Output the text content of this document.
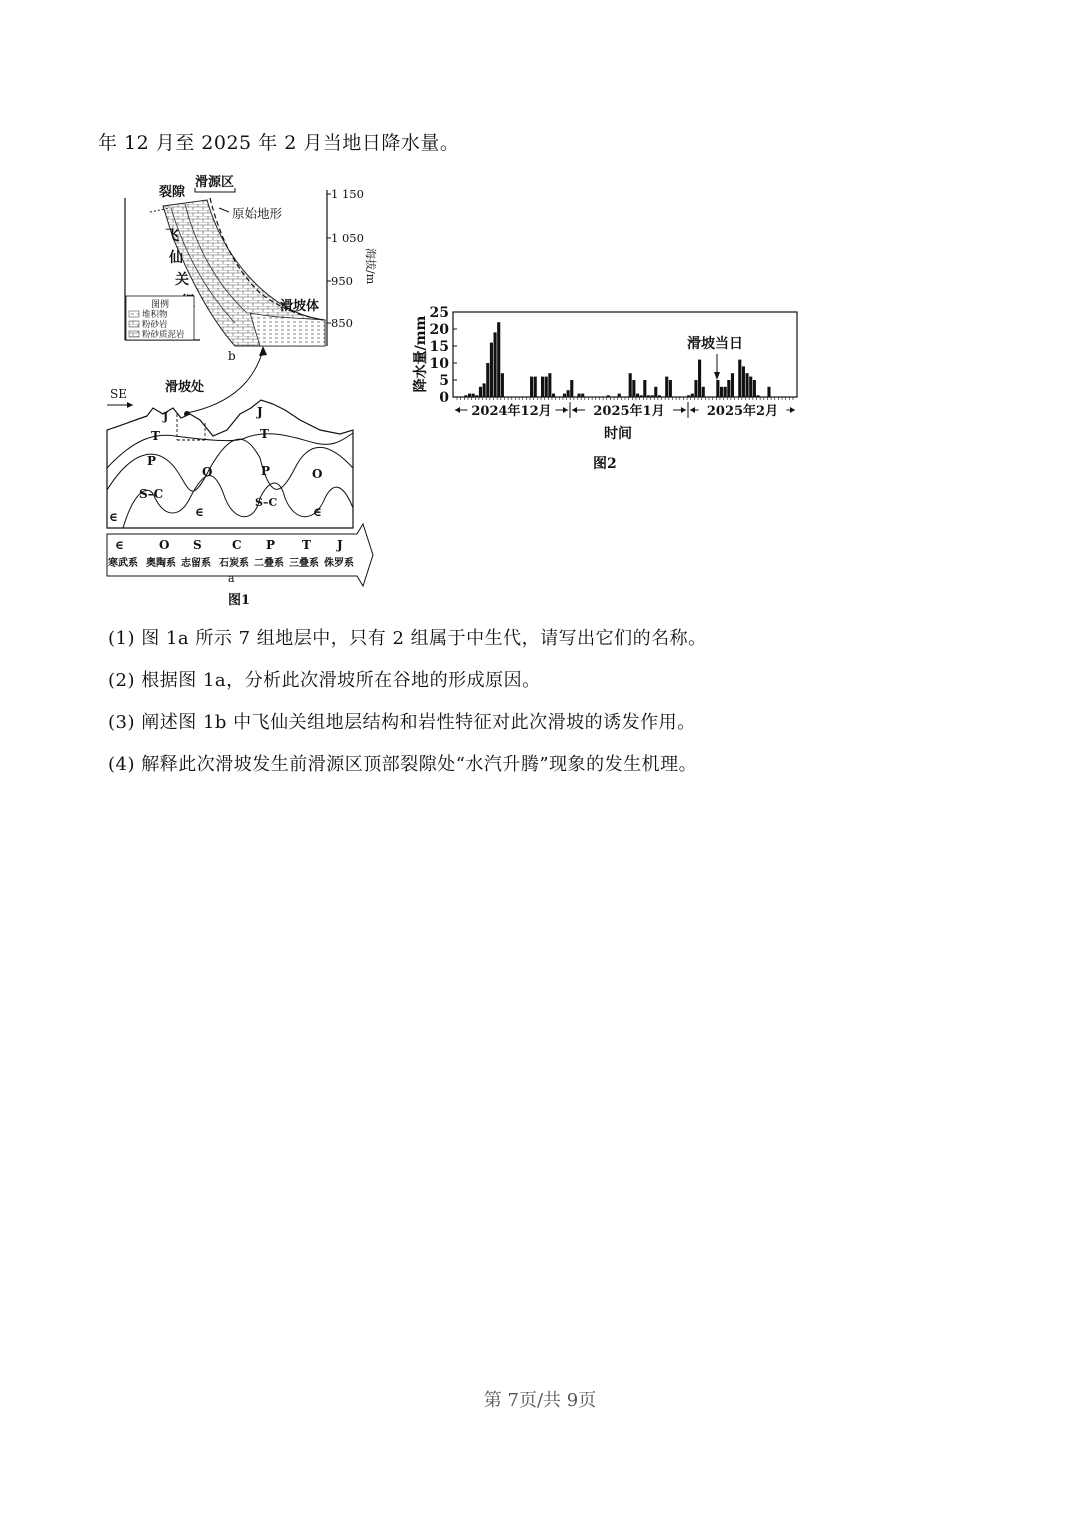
年 12 月至 2025 年 2 月当地日降水量。
滑源区
裂隙
原始地形
飞
仙
关
滑坡体
1 150
1 050
950
850
海拔/m
图例
堆积物
粉砂岩
粉砂质泥岩
b
SE	滑坡处
J
T
P
S–C
∈
O
∈
J
T
P
S–C
O
∈
∈	O S	C P T J
寒武系 奥陶系 志留系 石炭系 二叠系 三叠系 侏罗系
a
图1
降水量/mm
0
5
10
15
20
25
2024年12月	2025年1月	2025年2月
滑坡当日
时间
图2
(1) 图 1a 所示 7 组地层中，只有 2 组属于中生代，请写出它们的名称。
(2) 根据图 1a，分析此次滑坡所在谷地的形成原因。
(3) 阐述图 1b 中飞仙关组地层结构和岩性特征对此次滑坡的诱发作用。
(4) 解释此次滑坡发生前滑源区顶部裂隙处“水汽升腾”现象的发生机理。
第 7页/共 9页
